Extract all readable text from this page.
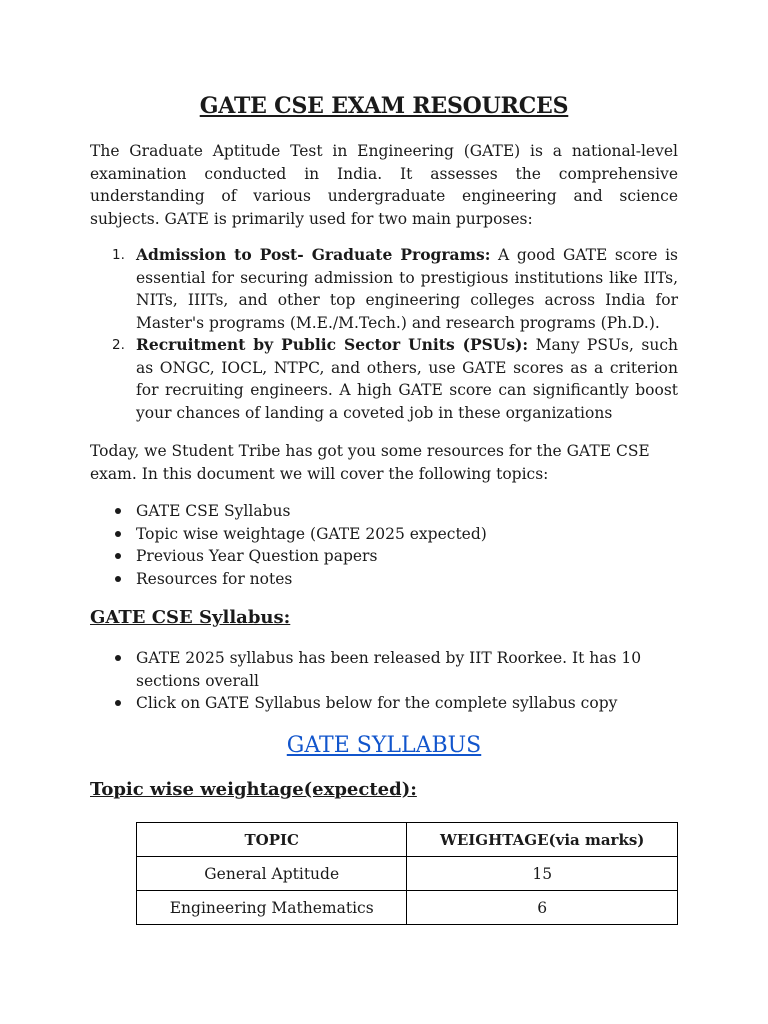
GATE CSE EXAM RESOURCES

The Graduate Aptitude Test in Engineering (GATE) is a national-level examination conducted in India. It assesses the comprehensive understanding of various undergraduate engineering and science subjects. GATE is primarily used for two main purposes:

1. Admission to Post- Graduate Programs: A good GATE score is essential for securing admission to prestigious institutions like IITs, NITs, IIITs, and other top engineering colleges across India for Master's programs (M.E./M.Tech.) and research programs (Ph.D.).
2. Recruitment by Public Sector Units (PSUs): Many PSUs, such as ONGC, IOCL, NTPC, and others, use GATE scores as a criterion for recruiting engineers. A high GATE score can significantly boost your chances of landing a coveted job in these organizations

Today, we Student Tribe has got you some resources for the GATE CSE exam. In this document we will cover the following topics:

GATE CSE Syllabus
Topic wise weightage (GATE 2025 expected)
Previous Year Question papers
Resources for notes
GATE CSE Syllabus:
GATE 2025 syllabus has been released by IIT Roorkee. It has 10 sections overall
Click on GATE Syllabus below for the complete syllabus copy
GATE SYLLABUS
Topic wise weightage(expected):
TOPIC	WEIGHTAGE(via marks)
General Aptitude	15
Engineering Mathematics	6
